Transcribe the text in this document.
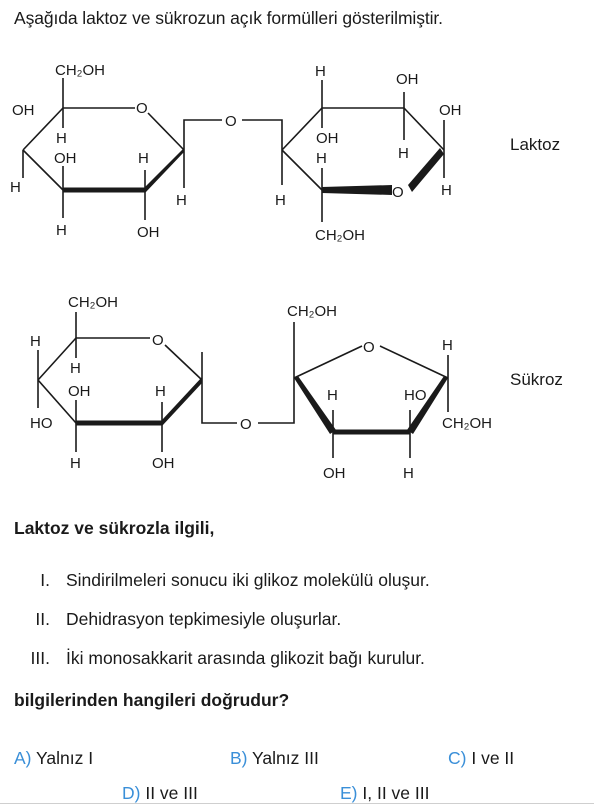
Aşağıda laktoz ve sükrozun açık formülleri gösterilmiştir.
CH₂OH
OH	O
H
OH	H
H
H
H	OH
O
H	OH
OH
OH
H	H
O H
H
CH₂OH
Laktoz
CH₂OH
H	O
H
OH	H
HO
H	OH
O
CH₂OH
O	H
H	HO
CH₂OH
OH	H
Sükroz
Laktoz ve sükrozla ilgili,
I. Sindirilmeleri sonucu iki glikoz molekülü oluşur.
II. Dehidrasyon tepkimesiyle oluşurlar.
III. İki monosakkarit arasında glikozit bağı kurulur.
bilgilerinden hangileri doğrudur?
A) Yalnız I	B) Yalnız III	C) I ve II
D) II ve III	E) I, II ve III
